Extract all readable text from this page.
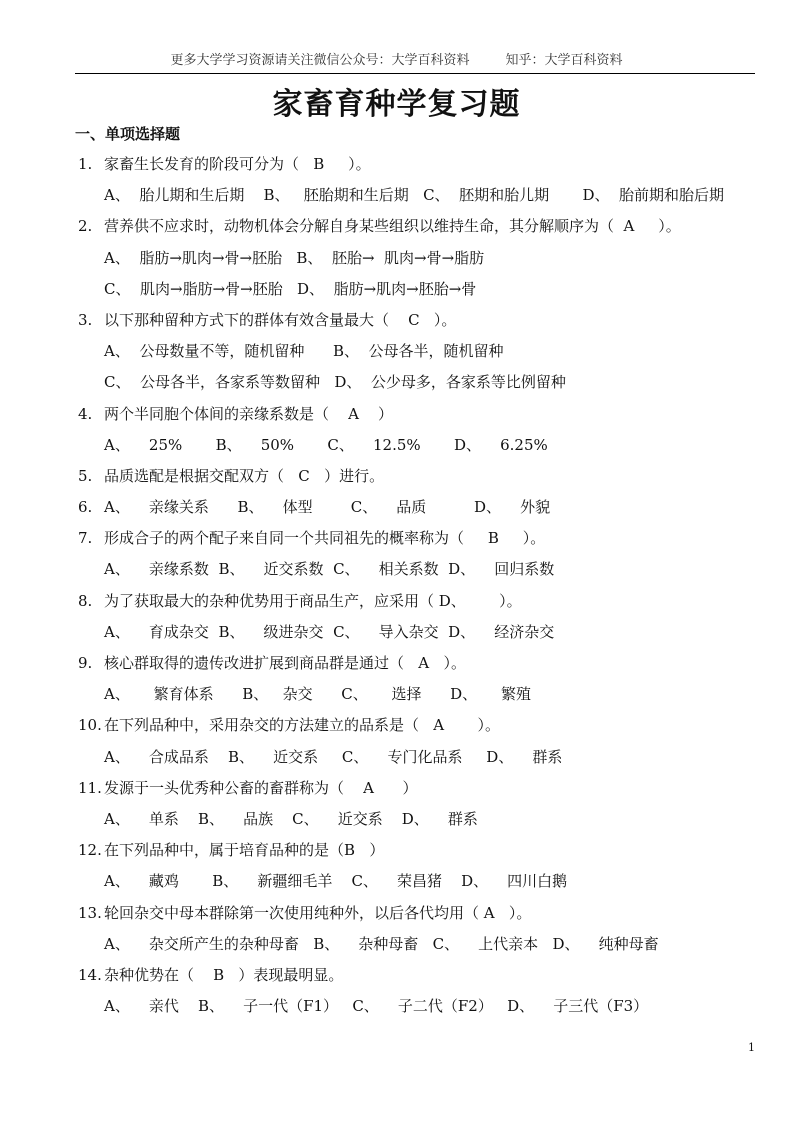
更多大学学习资源请关注微信公众号：大学百科资料	知乎：大学百科资料
家畜育种学复习题
一、单项选择题
1. 家畜生长发育的阶段可分为（   B     ）。
A、  胎儿期和生后期    B、   胚胎期和生后期   C、  胚期和胎儿期       D、  胎前期和胎后期
2. 营养供不应求时，动物机体会分解自身某些组织以维持生命，其分解顺序为（  A     ）。
A、  脂肪→肌肉→骨→胚胎   B、  胚胎→  肌肉→骨→脂肪
C、  肌肉→脂肪→骨→胚胎   D、  脂肪→肌肉→胚胎→骨
3. 以下那种留种方式下的群体有效含量最大（    C   ）。
A、  公母数量不等，随机留种      B、  公母各半，随机留种
C、  公母各半，各家系等数留种   D、  公少母多，各家系等比例留种
4. 两个半同胞个体间的亲缘系数是（    A    ）
A、    25%       B、    50%       C、    12.5%       D、    6.25%
5. 品质选配是根据交配双方（   C   ）进行。
6. A、    亲缘关系      B、    体型        C、    品质          D、    外貌
7. 形成合子的两个配子来自同一个共同祖先的概率称为（     B     ）。
A、    亲缘系数  B、    近交系数  C、    相关系数  D、    回归系数
8. 为了获取最大的杂种优势用于商品生产，应采用（ D、       ）。
A、    育成杂交  B、    级进杂交  C、    导入杂交  D、    经济杂交
9. 核心群取得的遗传改进扩展到商品群是通过（   A   ）。
A、     繁育体系      B、   杂交      C、     选择      D、     繁殖
10. 在下列品种中，采用杂交的方法建立的品系是（   A       ）。
A、    合成品系    B、    近交系     C、    专门化品系     D、    群系
11. 发源于一头优秀种公畜的畜群称为（    A      ）
A、    单系    B、    品族    C、    近交系    D、    群系
12. 在下列品种中，属于培育品种的是（B   ）
A、    藏鸡       B、    新疆细毛羊    C、    荣昌猪    D、    四川白鹅
13. 轮回杂交中母本群除第一次使用纯种外，以后各代均用（ A   ）。
A、    杂交所产生的杂种母畜   B、    杂种母畜   C、    上代亲本   D、    纯种母畜
14. 杂种优势在（    B   ）表现最明显。
A、    亲代    B、    子一代（F1）   C、    子二代（F2）   D、    子三代（F3）
1
